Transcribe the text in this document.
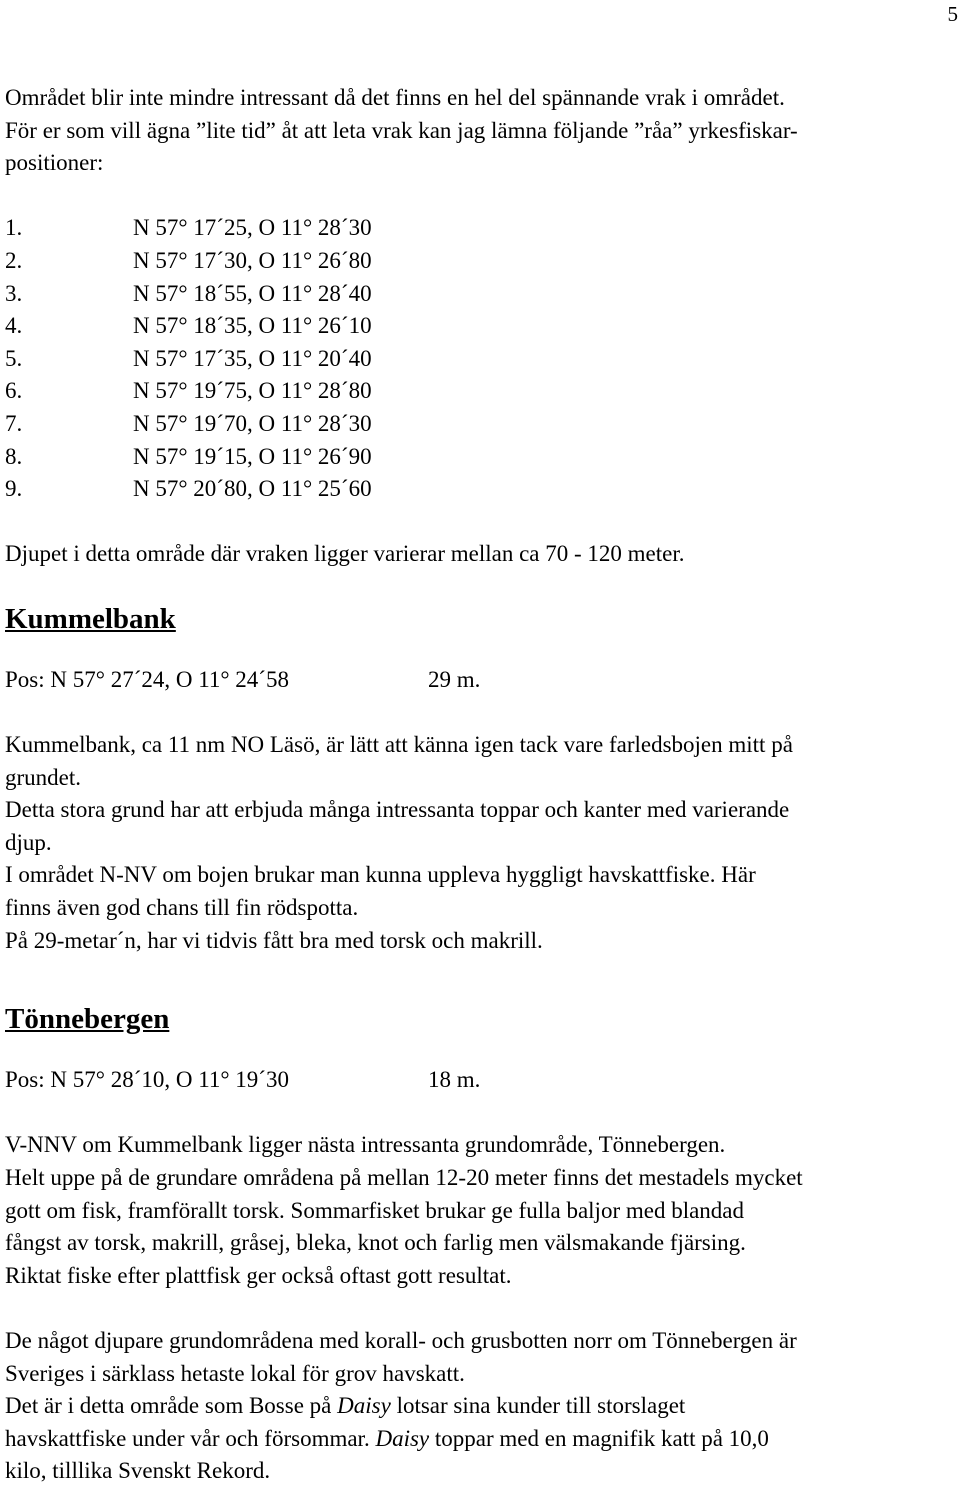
5

Området blir inte mindre intressant då det finns en hel del spännande vrak i området.

För er som vill ägna ”lite tid” åt att leta vrak kan jag lämna följande ”råa” yrkesfiskar-

positioner:

1.	N 57° 17´25, O 11° 28´30
2.	N 57° 17´30, O 11° 26´80
3.	N 57° 18´55, O 11° 28´40
4.	N 57° 18´35, O 11° 26´10
5.	N 57° 17´35, O 11° 20´40
6.	N 57° 19´75, O 11° 28´80
7.	N 57° 19´70, O 11° 28´30
8.	N 57° 19´15, O 11° 26´90
9.	N 57° 20´80, O 11° 25´60

Djupet i detta område där vraken ligger varierar mellan ca 70 - 120 meter.

Kummelbank
Pos: N 57° 27´24, O 11° 24´58	29 m.

Kummelbank, ca 11 nm NO Läsö, är lätt att känna igen tack vare farledsbojen mitt på

grundet.

Detta stora grund har att erbjuda många intressanta toppar och kanter med varierande

djup.

I området N-NV om bojen brukar man kunna uppleva hyggligt havskattfiske. Här

finns även god chans till fin rödspotta.

På 29-metar´n, har vi tidvis fått bra med torsk och makrill.

Tönnebergen
Pos: N 57° 28´10, O 11° 19´30	18 m.

V-NNV om Kummelbank ligger nästa intressanta grundområde, Tönnebergen.

Helt uppe på de grundare områdena på mellan 12-20 meter finns det mestadels mycket

gott om fisk, framförallt torsk. Sommarfisket brukar ge fulla baljor med blandad

fångst av torsk, makrill, gråsej, bleka, knot och farlig men välsmakande fjärsing.

Riktat fiske efter plattfisk ger också oftast gott resultat.

De något djupare grundområdena med korall- och grusbotten norr om Tönnebergen är

Sveriges i särklass hetaste lokal för grov havskatt.

Det är i detta område som Bosse på Daisy lotsar sina kunder till storslaget

havskattfiske under vår och försommar. Daisy toppar med en magnifik katt på 10,0

kilo, tilllika Svenskt Rekord.
